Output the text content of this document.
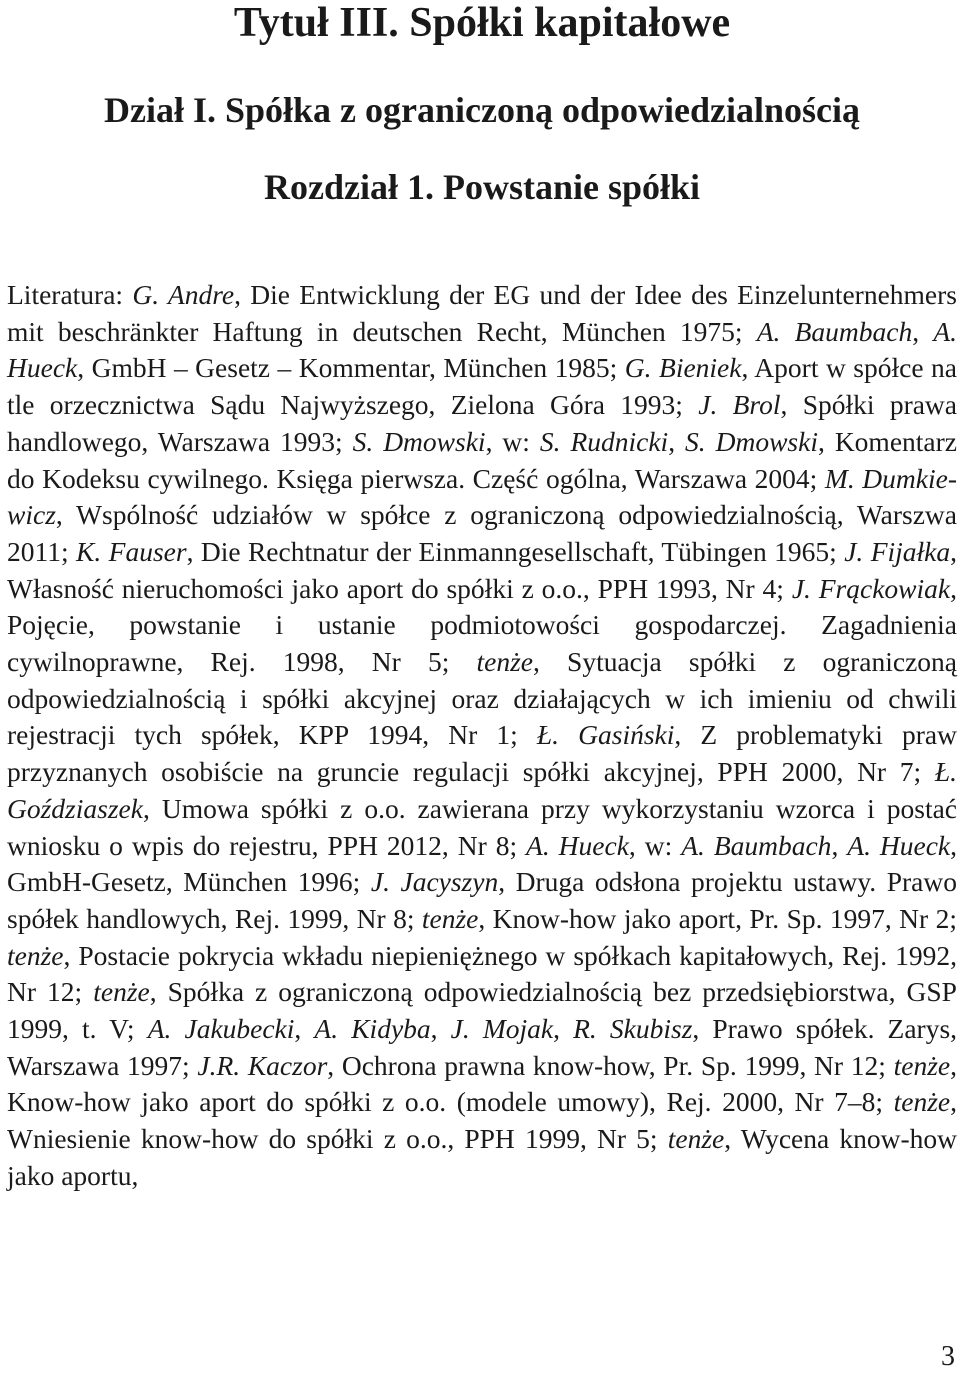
Tytuł III. Spółki kapitałowe
Dział I. Spółka z ograniczoną odpowiedzialnością
Rozdział 1. Powstanie spółki

Literatura: G. Andre, Die Entwicklung der EG und der Idee des Einzelunternehmers mit beschränkter Haftung in deutschen Recht, München 1975; A. Baumbach, A. Hueck, GmbH – Gesetz – Kommentar, München 1985; G. Bieniek, Aport w spółce na tle orzecznictwa Sądu Najwyższego, Zielona Góra 1993; J. Brol, Spółki prawa handlowego, Warszawa 1993; S. Dmowski, w: S. Rudnicki, S. Dmowski, Komentarz do Kodeksu cywilnego. Księga pierwsza. Część ogólna, Warszawa 2004; M. Dumkiewicz, Wspólność udziałów w spółce z ograniczoną odpowiedzialnością, Warszwa 2011; K. Fauser, Die Rechtnatur der Einmanngesellschaft, Tübingen 1965; J. Fijałka, Własność nieruchomości jako aport do spółki z o.o., PPH 1993, Nr 4; J. Frąckowiak, Pojęcie, powstanie i ustanie podmiotowości gospodarczej. Zagadnienia cywilnoprawne, Rej. 1998, Nr 5; tenże, Sytuacja spółki z ograniczoną odpowiedzialnością i spółki akcyjnej oraz działających w ich imieniu od chwili rejestracji tych spółek, KPP 1994, Nr 1; Ł. Gasiński, Z problematyki praw przyznanych osobiście na gruncie regulacji spółki akcyjnej, PPH 2000, Nr 7; Ł. Goździaszek, Umowa spółki z o.o. zawierana przy wykorzystaniu wzorca i postać wniosku o wpis do rejestru, PPH 2012, Nr 8; A. Hueck, w: A. Baumbach, A. Hueck, GmbH-Gesetz, München 1996; J. Jacyszyn, Druga odsłona projektu ustawy. Prawo spółek handlowych, Rej. 1999, Nr 8; tenże, Know-how jako aport, Pr. Sp. 1997, Nr 2; tenże, Postacie pokrycia wkładu niepieniężnego w spółkach kapitałowych, Rej. 1992, Nr 12; tenże, Spółka z ograniczoną odpowiedzialnością bez przedsiębiorstwa, GSP 1999, t. V; A. Jakubecki, A. Kidyba, J. Mojak, R. Skubisz, Prawo spółek. Zarys, Warszawa 1997; J.R. Kaczor, Ochrona prawna know-how, Pr. Sp. 1999, Nr 12; tenże, Know-how jako aport do spółki z o.o. (modele umowy), Rej. 2000, Nr 7–8; tenże, Wniesienie know-how do spółki z o.o., PPH 1999, Nr 5; tenże, Wycena know-how jako aportu,

3
